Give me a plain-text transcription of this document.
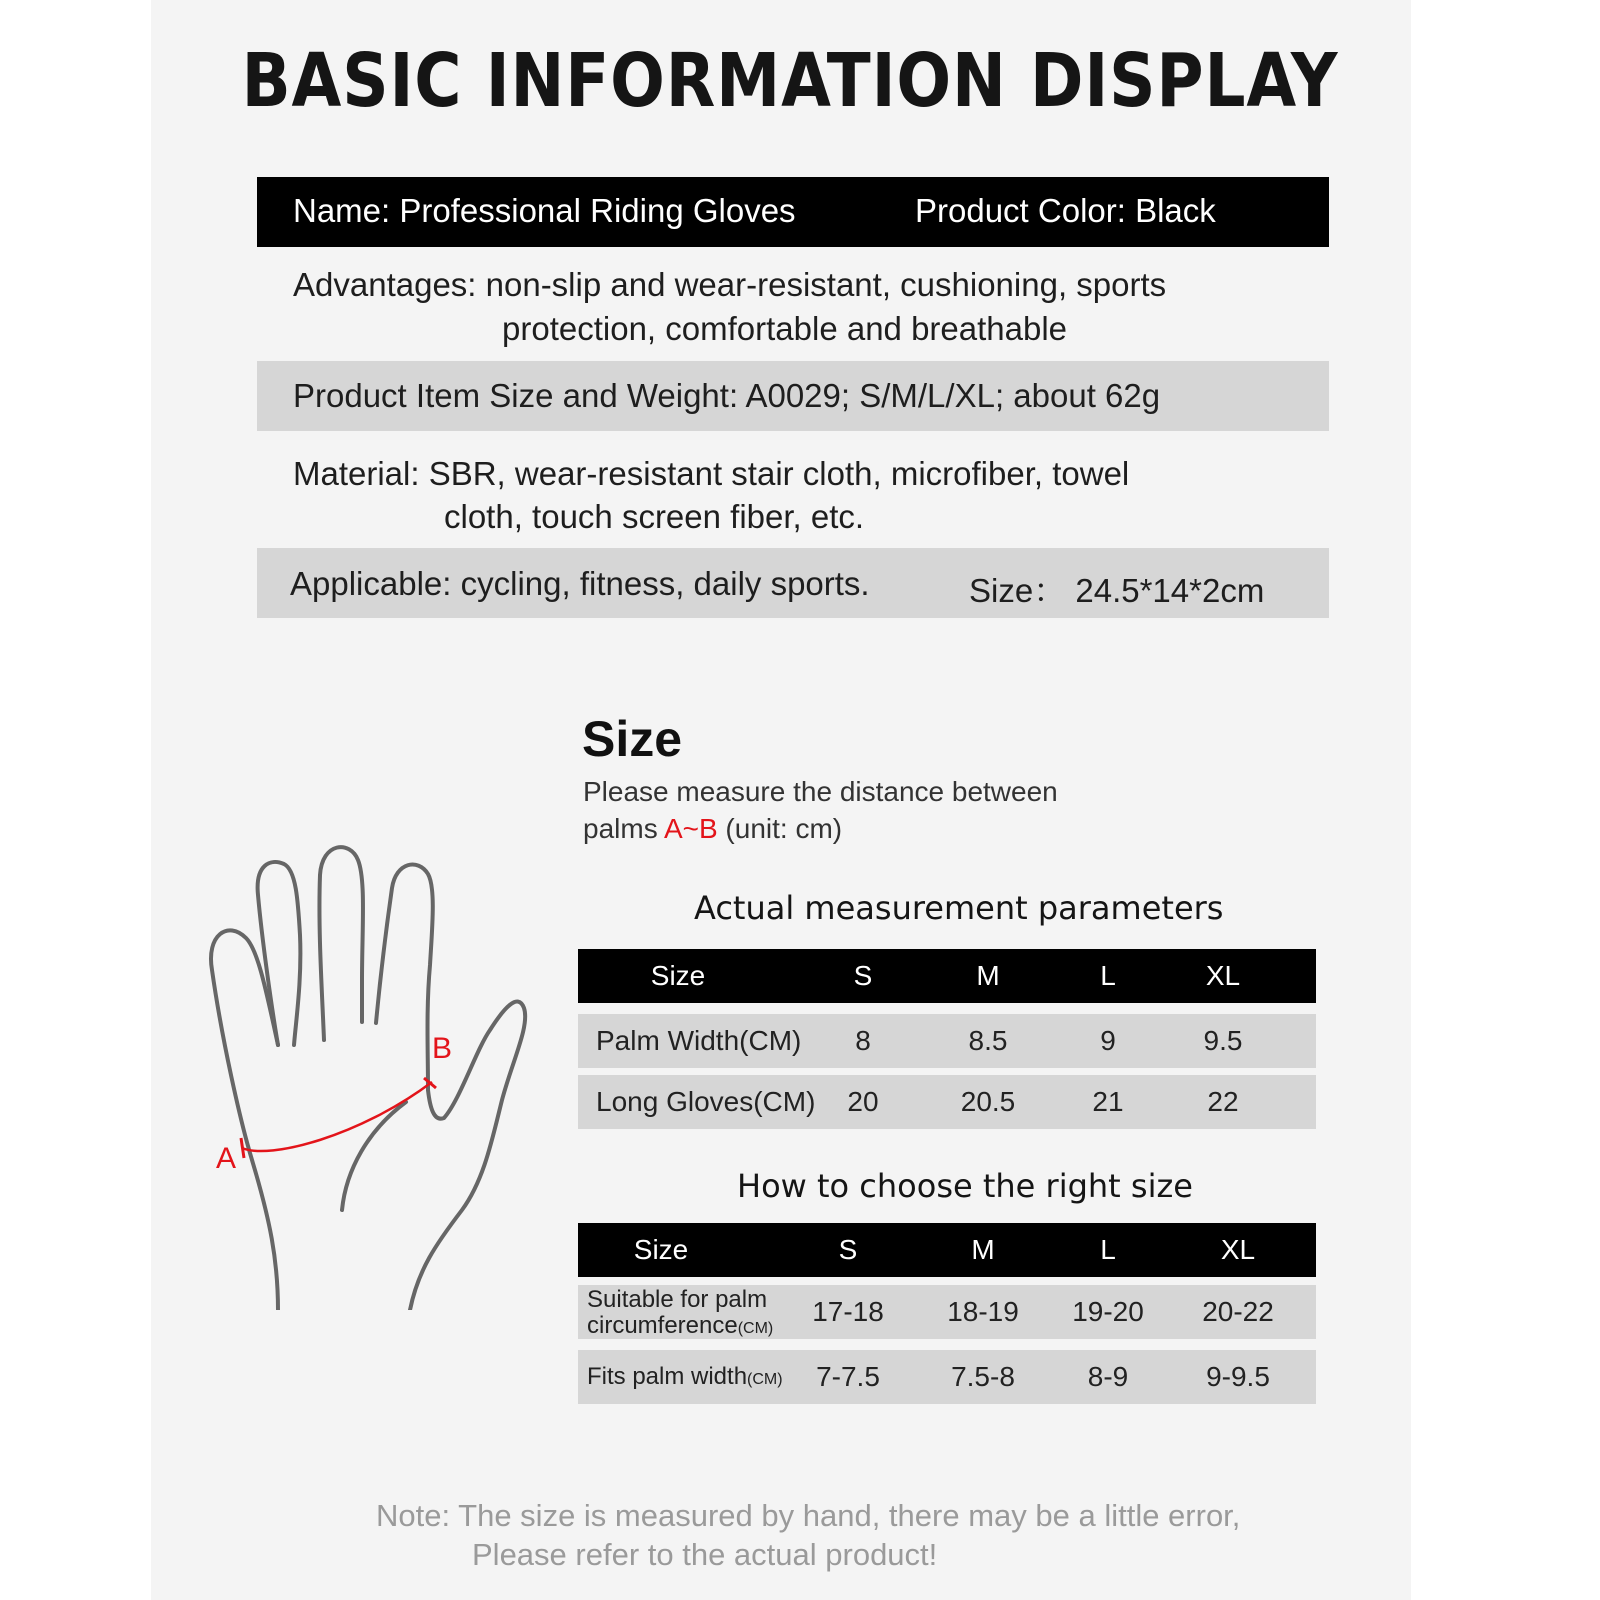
BASIC INFORMATION DISPLAY
Name: Professional Riding Gloves	Product Color: Black
Advantages: non-slip and wear-resistant, cushioning, sports
protection, comfortable and breathable
Product Item Size and Weight: A0029; S/M/L/XL; about 62g
Material: SBR, wear-resistant stair cloth, microfiber, towel
cloth, touch screen fiber, etc.
Applicable: cycling, fitness, daily sports.	Size： 24.5*14*2cm
Size
Please measure the distance between
palms A~B (unit: cm)
A
B
Actual measurement parameters
Size	S	M	L	XL
Palm Width(CM)	8	8.5	9	9.5
Long Gloves(CM)	20	20.5	21	22
How to choose the right size
Size	S	M	L	XL
Suitable for palm
circumference(CM)
17-18	18-19	19-20	20-22
Fits palm width(CM)	7-7.5	7.5-8	8-9	9-9.5
Note: The size is measured by hand, there may be a little error,
Please refer to the actual product!
